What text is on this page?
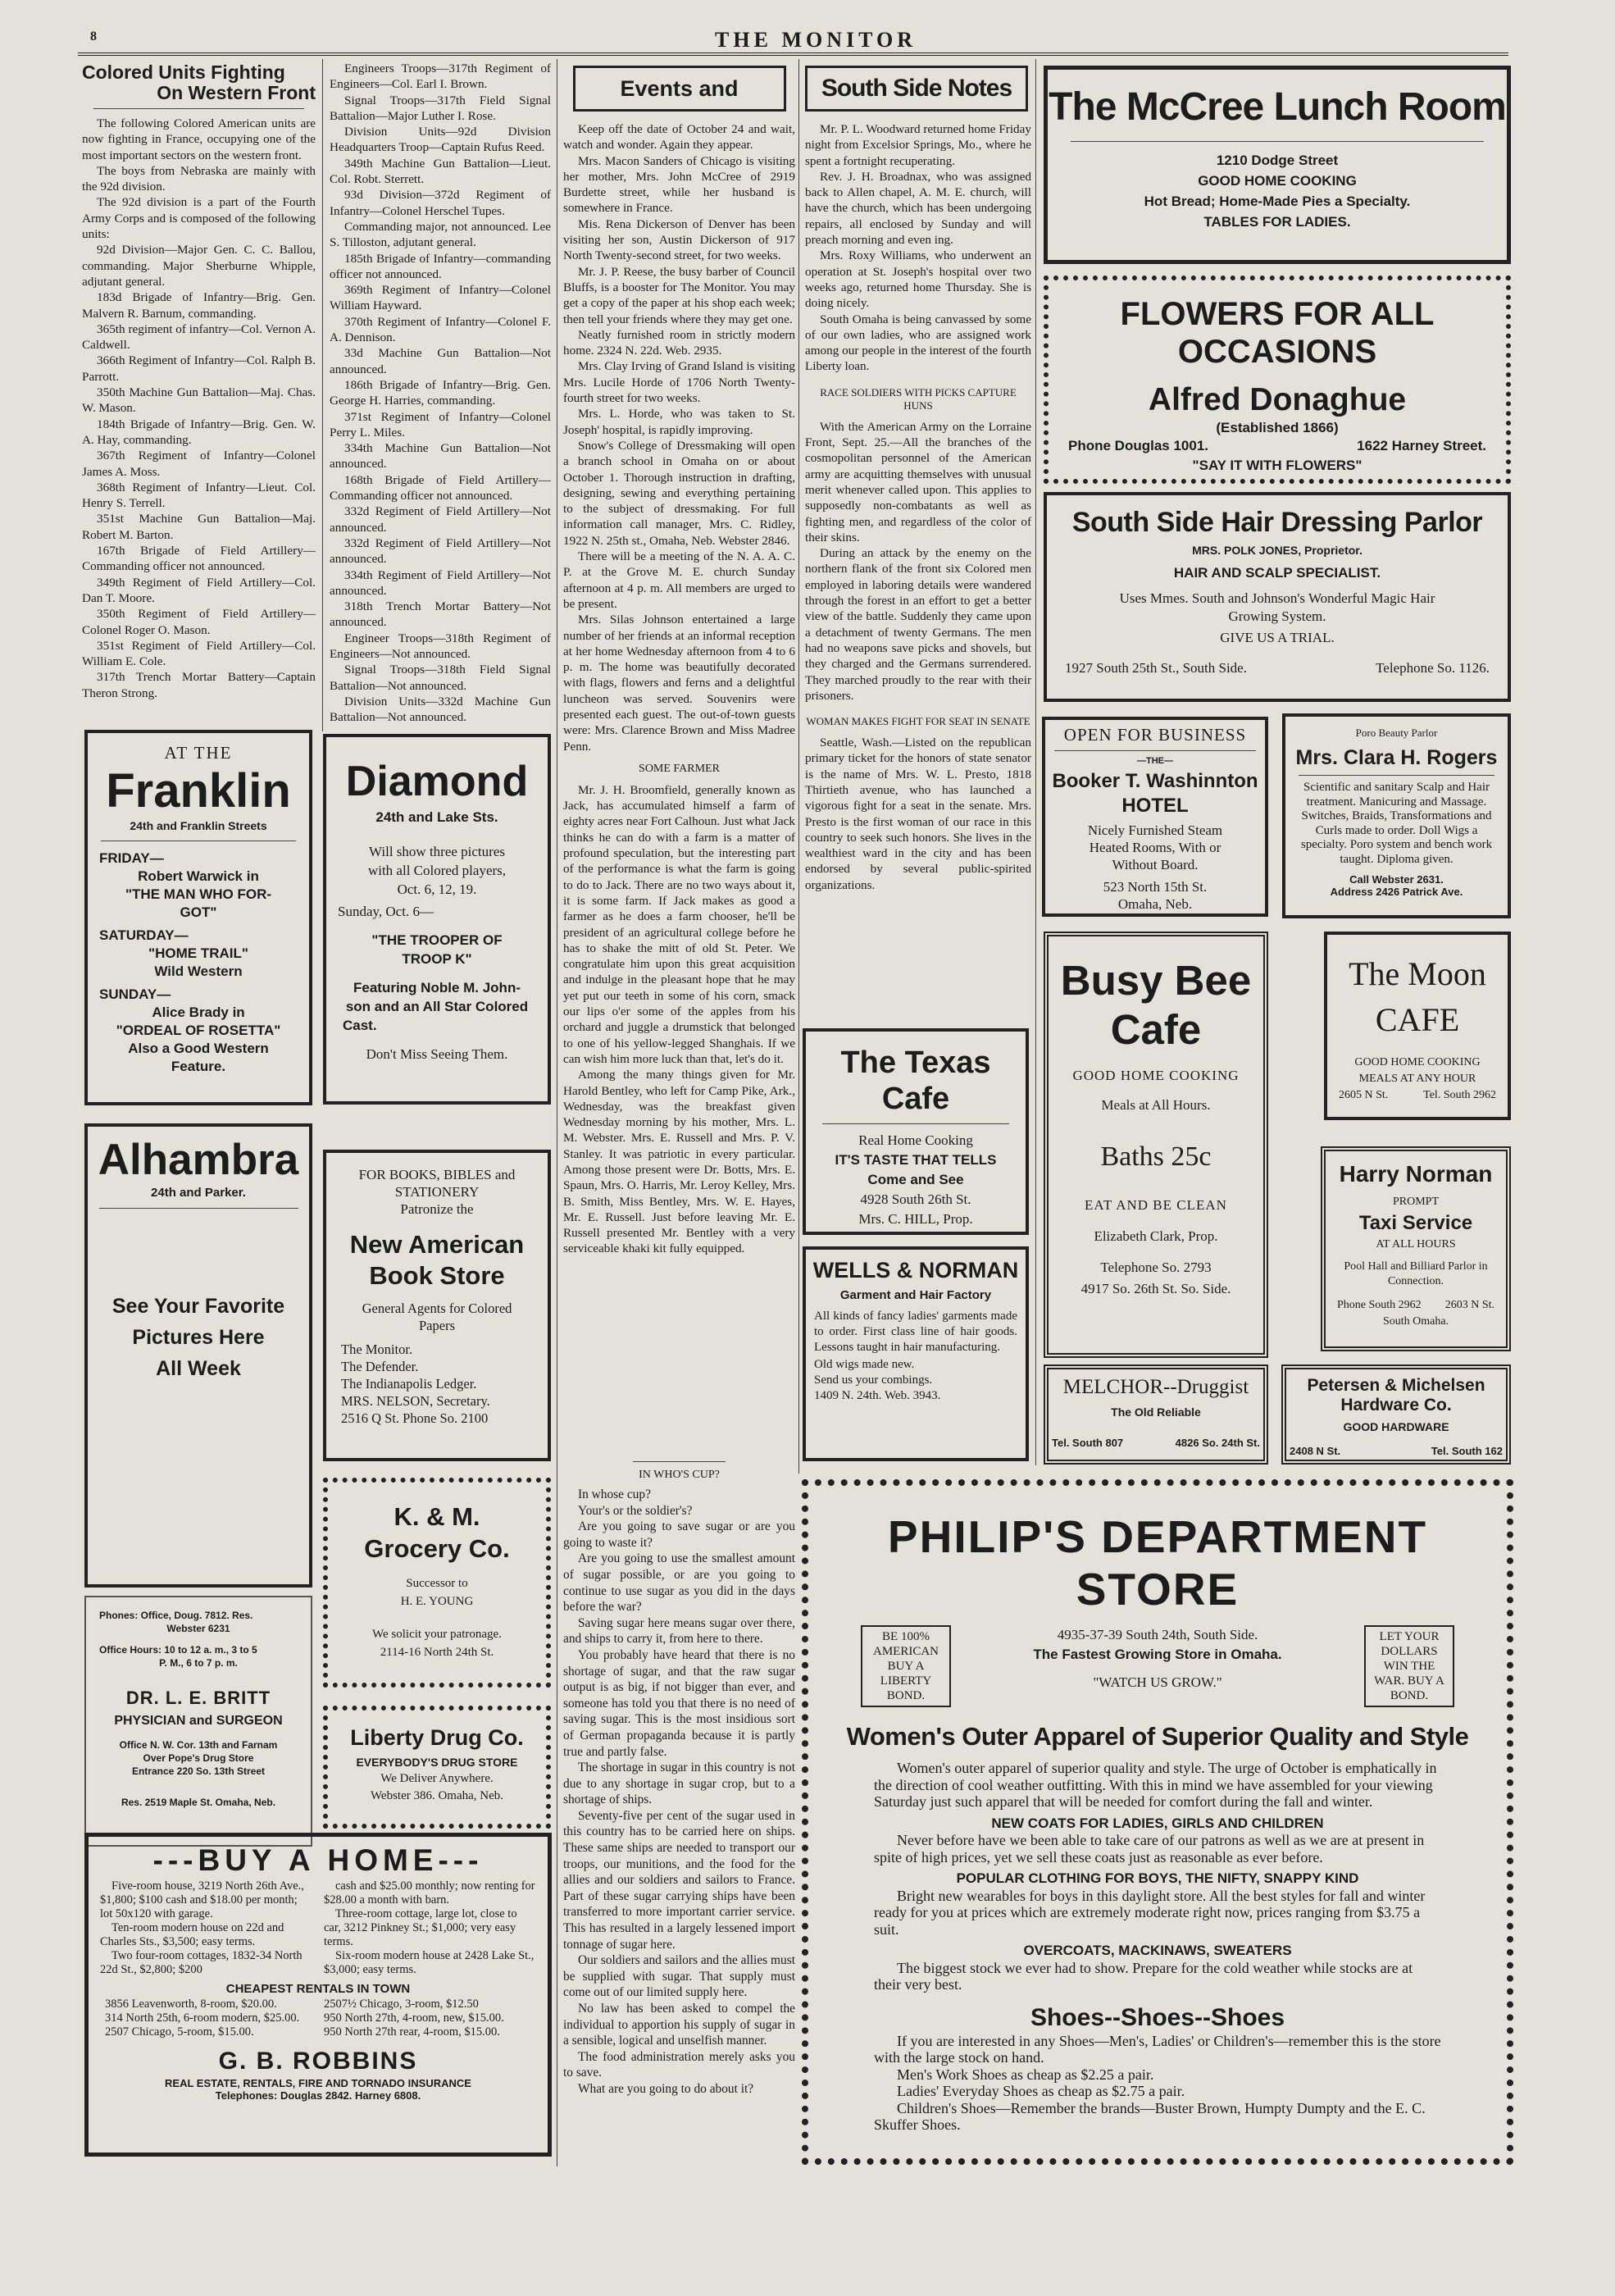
8	THE MONITOR
Colored Units Fighting
On Western Front

The following Colored American units are now fighting in France, occupying one of the most important sectors on the western front.

The boys from Nebraska are mainly with the 92d division.

The 92d division is a part of the Fourth Army Corps and is composed of the following units:

92d Division—Major Gen. C. C. Ballou, commanding. Major Sherburne Whipple, adjutant general.

183d Brigade of Infantry—Brig. Gen. Malvern R. Barnum, commanding.

365th regiment of infantry—Col. Vernon A. Caldwell.

366th Regiment of Infantry—Col. Ralph B. Parrott.

350th Machine Gun Battalion—Maj. Chas. W. Mason.

184th Brigade of Infantry—Brig. Gen. W. A. Hay, commanding.

367th Regiment of Infantry—Colonel James A. Moss.

368th Regiment of Infantry—Lieut. Col. Henry S. Terrell.

351st Machine Gun Battalion—Maj. Robert M. Barton.

167th Brigade of Field Artillery—Commanding officer not announced.

349th Regiment of Field Artillery—Col. Dan T. Moore.

350th Regiment of Field Artillery—Colonel Roger O. Mason.

351st Regiment of Field Artillery—Col. William E. Cole.

317th Trench Mortar Battery—Captain Theron Strong.

Engineers Troops—317th Regiment of Engineers—Col. Earl I. Brown.

Signal Troops—317th Field Signal Battalion—Major Luther I. Rose.

Division Units—92d Division Headquarters Troop—Captain Rufus Reed.

349th Machine Gun Battalion—Lieut. Col. Robt. Sterrett.

93d Division—372d Regiment of Infantry—Colonel Herschel Tupes.

Commanding major, not announced. Lee S. Tilloston, adjutant general.

185th Brigade of Infantry—commanding officer not announced.

369th Regiment of Infantry—Colonel William Hayward.

370th Regiment of Infantry—Colonel F. A. Dennison.

33d Machine Gun Battalion—Not announced.

186th Brigade of Infantry—Brig. Gen. George H. Harries, commanding.

371st Regiment of Infantry—Colonel Perry L. Miles.

334th Machine Gun Battalion—Not announced.

168th Brigade of Field Artillery—Commanding officer not announced.

332d Regiment of Field Artillery—Not announced.

332d Regiment of Field Artillery—Not announced.

334th Regiment of Field Artillery—Not announced.

318th Trench Mortar Battery—Not announced.

Engineer Troops—318th Regiment of Engineers—Not announced.

Signal Troops—318th Field Signal Battalion—Not announced.

Division Units—332d Machine Gun Battalion—Not announced.

Events and

Keep off the date of October 24 and wait, watch and wonder. Again they appear.

Mrs. Macon Sanders of Chicago is visiting her mother, Mrs. John McCree of 2919 Burdette street, while her husband is somewhere in France.

Mis. Rena Dickerson of Denver has been visiting her son, Austin Dickerson of 917 North Twenty-second street, for two weeks.

Mr. J. P. Reese, the busy barber of Council Bluffs, is a booster for The Monitor. You may get a copy of the paper at his shop each week; then tell your friends where they may get one.

Neatly furnished room in strictly modern home. 2324 N. 22d. Web. 2935.

Mrs. Clay Irving of Grand Island is visiting Mrs. Lucile Horde of 1706 North Twenty-fourth street for two weeks.

Mrs. L. Horde, who was taken to St. Joseph' hospital, is rapidly improving.

Snow's College of Dressmaking will open a branch school in Omaha on or about October 1. Thorough instruction in drafting, designing, sewing and everything pertaining to the subject of dressmaking. For full information call manager, Mrs. C. Ridley, 1922 N. 25th st., Omaha, Neb. Webster 2846.

There will be a meeting of the N. A. A. C. P. at the Grove M. E. church Sunday afternoon at 4 p. m. All members are urged to be present.

Mrs. Silas Johnson entertained a large number of her friends at an informal reception at her home Wednesday afternoon from 4 to 6 p. m. The home was beautifully decorated with flags, flowers and ferns and a delightful luncheon was served. Souvenirs were presented each guest. The out-of-town guests were: Mrs. Clarence Brown and Miss Madree Penn.

SOME FARMER

Mr. J. H. Broomfield, generally known as Jack, has accumulated himself a farm of eighty acres near Fort Calhoun. Just what Jack thinks he can do with a farm is a matter of profound speculation, but the interesting part of the performance is what the farm is going to do to Jack. There are no two ways about it, it is some farm. If Jack makes as good a farmer as he does a farm chooser, he'll be president of an agricultural college before he has to shake the mitt of old St. Peter. We congratulate him upon this great acquisition and indulge in the pleasant hope that he may yet put our teeth in some of his corn, smack our lips o'er some of the apples from his orchard and juggle a drumstick that belonged to one of his yellow-legged Shanghais. If we can wish him more luck than that, let's do it.

Among the many things given for Mr. Harold Bentley, who left for Camp Pike, Ark., Wednesday, was the breakfast given Wednesday morning by his mother, Mrs. L. M. Webster. Mrs. E. Russell and Mrs. P. V. Stanley. It was patriotic in every particular. Among those present were Dr. Botts, Mrs. E. Spaun, Mrs. O. Harris, Mr. Leroy Kelley, Mrs. B. Smith, Miss Bentley, Mrs. W. E. Hayes, Mr. E. Russell. Just before leaving Mr. E. Russell presented Mr. Bentley with a very serviceable khaki kit fully equipped.

IN WHO'S CUP?

In whose cup?

Your's or the soldier's?

Are you going to save sugar or are you going to waste it?

Are you going to use the smallest amount of sugar possible, or are you going to continue to use sugar as you did in the days before the war?

Saving sugar here means sugar over there, and ships to carry it, from here to there.

You probably have heard that there is no shortage of sugar, and that the raw sugar output is as big, if not bigger than ever, and someone has told you that there is no need of saving sugar. This is the most insidious sort of German propaganda because it is partly true and partly false.

The shortage in sugar in this country is not due to any shortage in sugar crop, but to a shortage of ships.

Seventy-five per cent of the sugar used in this country has to be carried here on ships. These same ships are needed to transport our troops, our munitions, and the food for the allies and our soldiers and sailors to France. Part of these sugar carrying ships have been transferred to more important carrier service. This has resulted in a largely lessened import tonnage of sugar here.

Our soldiers and sailors and the allies must be supplied with sugar. That supply must come out of our limited supply here.

No law has been asked to compel the individual to apportion his supply of sugar in a sensible, logical and unselfish manner.

The food administration merely asks you to save.

What are you going to do about it?

South Side Notes

Mr. P. L. Woodward returned home Friday night from Excelsior Springs, Mo., where he spent a fortnight recuperating.

Rev. J. H. Broadnax, who was assigned back to Allen chapel, A. M. E. church, will have the church, which has been undergoing repairs, all enclosed by Sunday and will preach morning and even ing.

Mrs. Roxy Williams, who underwent an operation at St. Joseph's hospital over two weeks ago, returned home Thursday. She is doing nicely.

South Omaha is being canvassed by some of our own ladies, who are assigned work among our people in the interest of the fourth Liberty loan.

RACE SOLDIERS WITH PICKS CAPTURE HUNS

With the American Army on the Lorraine Front, Sept. 25.—All the branches of the cosmopolitan personnel of the American army are acquitting themselves with unusual merit whenever called upon. This applies to supposedly non-combatants as well as fighting men, and regardless of the color of their skins.

During an attack by the enemy on the northern flank of the front six Colored men employed in laboring details were wandered through the forest in an effort to get a better view of the battle. Suddenly they came upon a detachment of twenty Germans. The men had no weapons save picks and shovels, but they charged and the Germans surrendered. They marched proudly to the rear with their prisoners.

WOMAN MAKES FIGHT FOR SEAT IN SENATE

Seattle, Wash.—Listed on the republican primary ticket for the honors of state senator is the name of Mrs. W. L. Presto, 1818 Thirtieth avenue, who has launched a vigorous fight for a seat in the senate. Mrs. Presto is the first woman of our race in this country to seek such honors. She lives in the wealthiest ward in the city and has been endorsed by several public-spirited organizations.

The Texas Cafe
Real Home Cooking
IT'S TASTE THAT TELLS
Come and See
4928 South 26th St.
Mrs. C. HILL, Prop.
WELLS & NORMAN
Garment and Hair Factory
All kinds of fancy ladies' garments made to order. First class line of hair goods. Lessons taught in hair manufacturing.
Old wigs made new.
Send us your combings.
1409 N. 24th. Web. 3943.
AT THE
Franklin
24th and Franklin Streets
FRIDAY—
Robert Warwick in
"THE MAN WHO FOR-
GOT"
SATURDAY—
"HOME TRAIL"
Wild Western
SUNDAY—
Alice Brady in
"ORDEAL OF ROSETTA"
Also a Good Western
Feature.
Diamond
24th and Lake Sts.
Will show three pictures
with all Colored players,
Oct. 6, 12, 19.
Sunday, Oct. 6—
"THE TROOPER OF
TROOP K"
Featuring Noble M. John-
son and an All Star Colored
Cast.
Don't Miss Seeing Them.
Alhambra
24th and Parker.
See Your Favorite
Pictures Here
All Week
FOR BOOKS, BIBLES and
STATIONERY
Patronize the
New American
Book Store
General Agents for Colored
Papers
The Monitor.
The Defender.
The Indianapolis Ledger.
MRS. NELSON, Secretary.
2516 Q St. Phone So. 2100
K. & M.
Grocery Co.
Successor to
H. E. YOUNG
We solicit your patronage.
2114-16 North 24th St.
Phones: Office, Doug. 7812. Res.
Webster 6231
Office Hours: 10 to 12 a. m., 3 to 5
P. M., 6 to 7 p. m.
DR. L. E. BRITT
PHYSICIAN and SURGEON
Office N. W. Cor. 13th and Farnam
Over Pope's Drug Store
Entrance 220 So. 13th Street
Res. 2519 Maple St. Omaha, Neb.
Liberty Drug Co.
EVERYBODY'S DRUG STORE
We Deliver Anywhere.
Webster 386. Omaha, Neb.
---BUY A HOME---
Five-room house, 3219 North 26th Ave., $1,800; $100 cash and $18.00 per month; lot 50x120 with garage.
Ten-room modern house on 22d and Charles Sts., $3,500; easy terms.
Two four-room cottages, 1832-34 North 22d St., $2,800; $200
cash and $25.00 monthly; now renting for $28.00 a month with barn.
Three-room cottage, large lot, close to car, 3212 Pinkney St.; $1,000; very easy terms.
Six-room modern house at 2428 Lake St., $3,000; easy terms.
CHEAPEST RENTALS IN TOWN
3856 Leavenworth, 8-room, $20.00.	2507½ Chicago, 3-room, $12.50
314 North 25th, 6-room modern, $25.00.	950 North 27th, 4-room, new, $15.00.
2507 Chicago, 5-room, $15.00.	950 North 27th rear, 4-room, $15.00.
G. B. ROBBINS
REAL ESTATE, RENTALS, FIRE AND TORNADO INSURANCE
Telephones: Douglas 2842. Harney 6808.
The McCree Lunch Room
1210 Dodge Street
GOOD HOME COOKING
Hot Bread; Home-Made Pies a Specialty.
TABLES FOR LADIES.
FLOWERS FOR ALL
OCCASIONS
Alfred Donaghue
(Established 1866)
Phone Douglas 1001.	1622 Harney Street.
"SAY IT WITH FLOWERS"
South Side Hair Dressing Parlor
MRS. POLK JONES, Proprietor.
HAIR AND SCALP SPECIALIST.
Uses Mmes. South and Johnson's Wonderful Magic Hair
Growing System.
GIVE US A TRIAL.
1927 South 25th St., South Side.	Telephone So. 1126.
OPEN FOR BUSINESS
—THE—
Booker T. Washinnton
HOTEL
Nicely Furnished Steam
Heated Rooms, With or
Without Board.
523 North 15th St.
Omaha, Neb.
Poro Beauty Parlor
Mrs. Clara H. Rogers
Scientific and sanitary Scalp and Hair treatment. Manicuring and Massage. Switches, Braids, Transformations and Curls made to order. Doll Wigs a specialty. Poro system and bench work taught. Diploma given.
Call Webster 2631.
Address 2426 Patrick Ave.
Busy Bee
Cafe
GOOD HOME COOKING
Meals at All Hours.
Baths 25c
EAT AND BE CLEAN
Elizabeth Clark, Prop.
Telephone So. 2793
4917 So. 26th St. So. Side.
The Moon
CAFE
GOOD HOME COOKING
MEALS AT ANY HOUR
2605 N St.	Tel. South 2962
Harry Norman
PROMPT
Taxi Service
AT ALL HOURS
Pool Hall and Billiard Parlor in
Connection.
Phone South 2962 2603 N St.
South Omaha.
MELCHOR--Druggist
The Old Reliable
Tel. South 807	4826 So. 24th St.
Petersen & Michelsen
Hardware Co.
GOOD HARDWARE
2408 N St.	Tel. South 162
PHILIP'S DEPARTMENT STORE
BE 100%
AMERICAN
BUY A
LIBERTY
BOND.
LET YOUR
DOLLARS
WIN THE
WAR. BUY A
BOND.
4935-37-39 South 24th, South Side.
The Fastest Growing Store in Omaha.
"WATCH US GROW."
Women's Outer Apparel of Superior Quality and Style
Women's outer apparel of superior quality and style. The urge of October is emphatically in the direction of cool weather outfitting. With this in mind we have assembled for your viewing Saturday just such apparel that will be needed for comfort during the fall and winter.
NEW COATS FOR LADIES, GIRLS AND CHILDREN
Never before have we been able to take care of our patrons as well as we are at present in spite of high prices, yet we sell these coats just as reasonable as ever before.
POPULAR CLOTHING FOR BOYS, THE NIFTY, SNAPPY KIND
Bright new wearables for boys in this daylight store. All the best styles for fall and winter ready for you at prices which are extremely moderate right now, prices ranging from $3.75 a suit.
OVERCOATS, MACKINAWS, SWEATERS
The biggest stock we ever had to show. Prepare for the cold weather while stocks are at their very best.
Shoes--Shoes--Shoes
If you are interested in any Shoes—Men's, Ladies' or Children's—remember this is the store with the large stock on hand.
Men's Work Shoes as cheap as $2.25 a pair.
Ladies' Everyday Shoes as cheap as $2.75 a pair.
Children's Shoes—Remember the brands—Buster Brown, Humpty Dumpty and the E. C. Skuffer Shoes.
